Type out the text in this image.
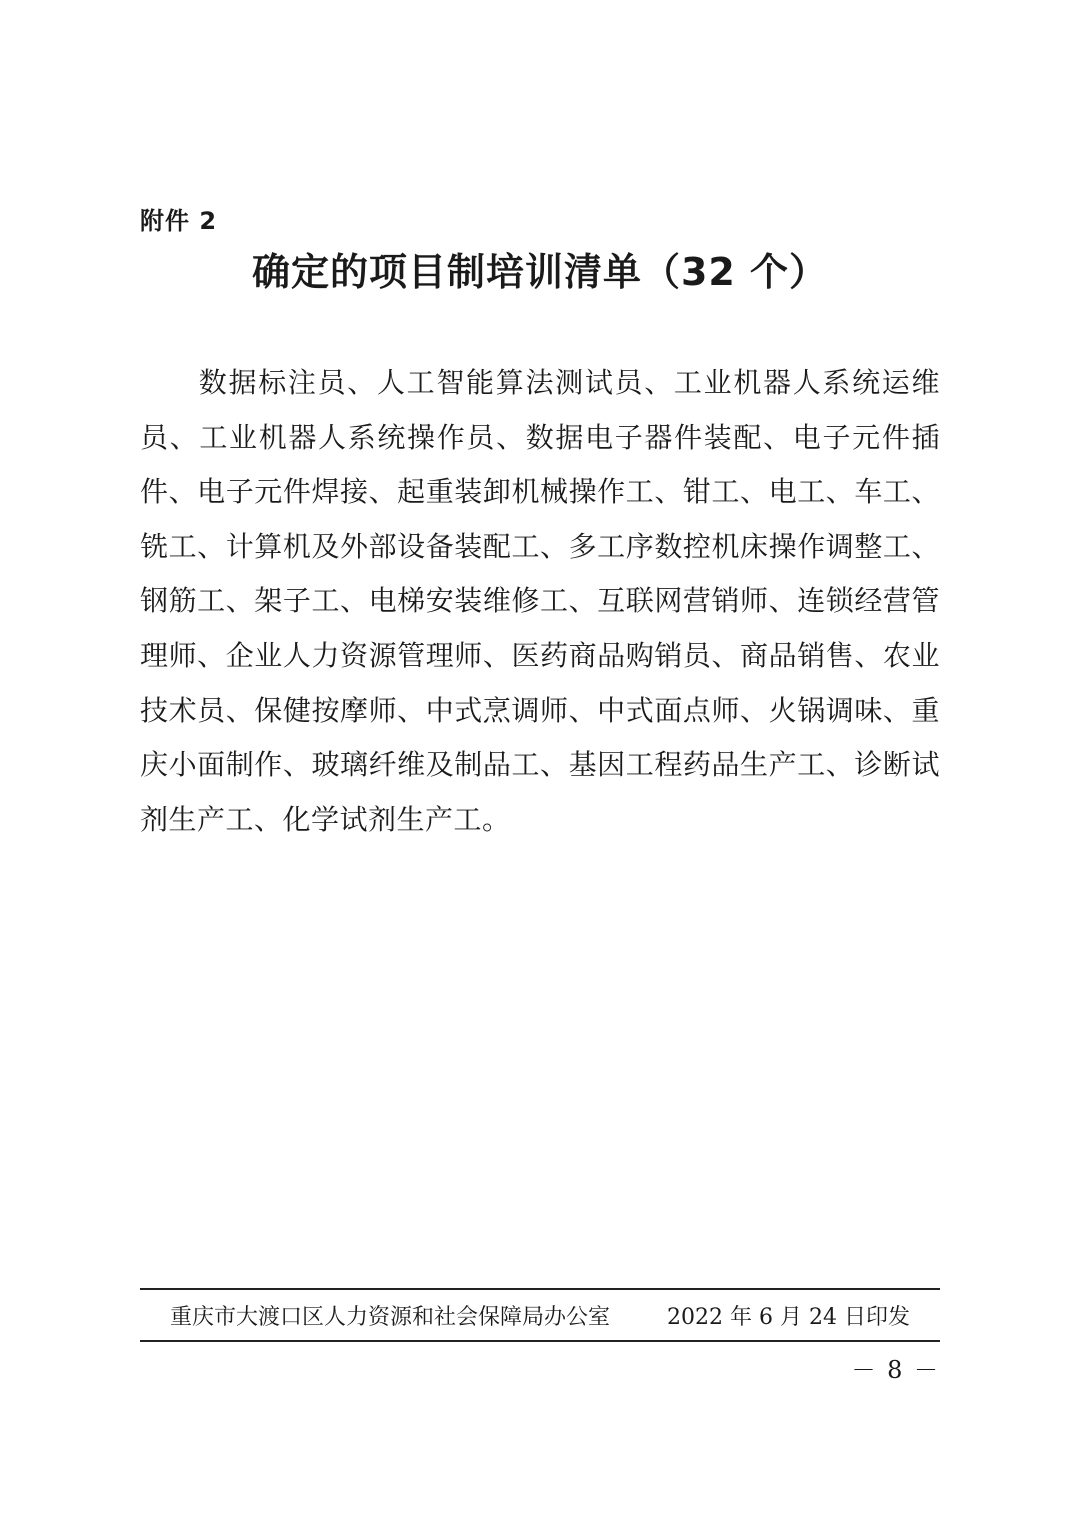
附件 2
确定的项目制培训清单（32 个）
数据标注员、人工智能算法测试员、工业机器人系统运维员、工业机器人系统操作员、数据电子器件装配、电子元件插件、电子元件焊接、起重装卸机械操作工、钳工、电工、车工、铣工、计算机及外部设备装配工、多工序数控机床操作调整工、钢筋工、架子工、电梯安装维修工、互联网营销师、连锁经营管理师、企业人力资源管理师、医药商品购销员、商品销售、农业技术员、保健按摩师、中式烹调师、中式面点师、火锅调味、重庆小面制作、玻璃纤维及制品工、基因工程药品生产工、诊断试剂生产工、化学试剂生产工。
重庆市大渡口区人力资源和社会保障局办公室	2022 年 6 月 24 日印发
－ 8 －
